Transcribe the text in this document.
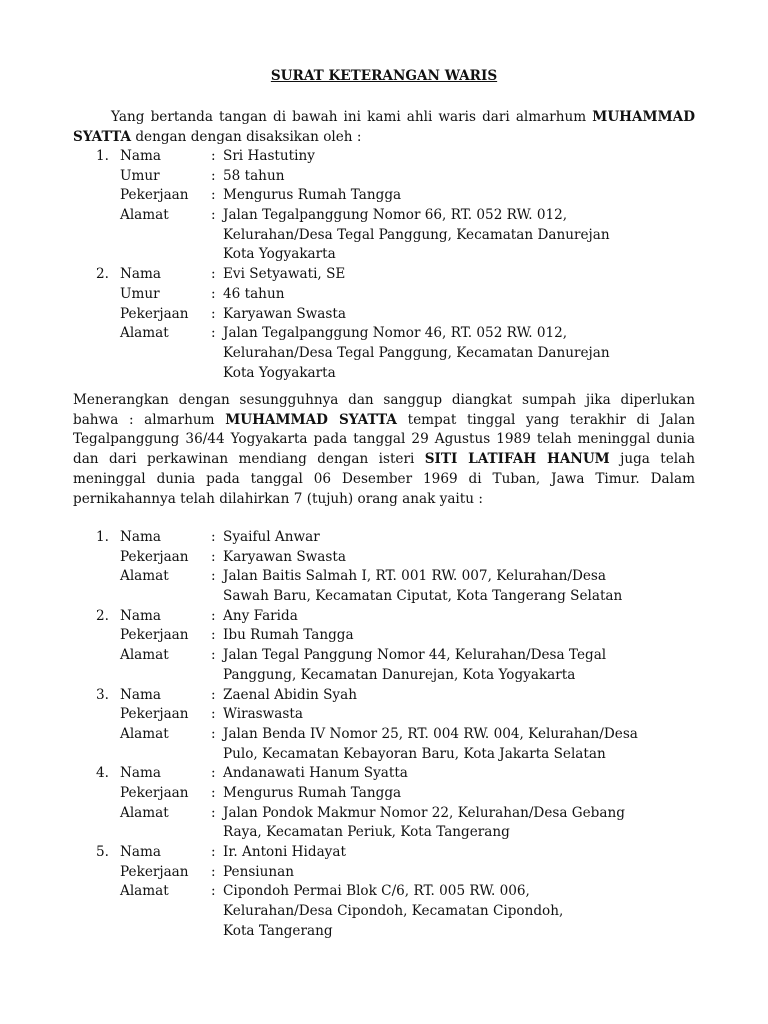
SURAT KETERANGAN WARIS

Yang bertanda tangan di bawah ini kami ahli waris dari almarhum MUHAMMAD SYATTA dengan dengan disaksikan oleh :

1. Nama	: Sri Hastutiny
Umur	: 58 tahun
Pekerjaan : Mengurus Rumah Tangga
Alamat	: Jalan Tegalpanggung Nomor 66, RT. 052 RW. 012,
Kelurahan/Desa Tegal Panggung, Kecamatan Danurejan
Kota Yogyakarta
2. Nama	: Evi Setyawati, SE
Umur	: 46 tahun
Pekerjaan : Karyawan Swasta
Alamat	: Jalan Tegalpanggung Nomor 46, RT. 052 RW. 012,
Kelurahan/Desa Tegal Panggung, Kecamatan Danurejan
Kota Yogyakarta

Menerangkan dengan sesungguhnya dan sanggup diangkat sumpah jika diperlukan bahwa : almarhum MUHAMMAD SYATTA tempat tinggal yang terakhir di Jalan Tegalpanggung 36/44 Yogyakarta pada tanggal 29 Agustus 1989 telah meninggal dunia dan dari perkawinan mendiang dengan isteri SITI LATIFAH HANUM juga telah meninggal dunia pada tanggal 06 Desember 1969 di Tuban, Jawa Timur. Dalam pernikahannya telah dilahirkan 7 (tujuh) orang anak yaitu :

1. Nama	: Syaiful Anwar
Pekerjaan : Karyawan Swasta
Alamat	: Jalan Baitis Salmah I, RT. 001 RW. 007, Kelurahan/Desa
Sawah Baru, Kecamatan Ciputat, Kota Tangerang Selatan
2. Nama	: Any Farida
Pekerjaan : Ibu Rumah Tangga
Alamat	: Jalan Tegal Panggung Nomor 44, Kelurahan/Desa Tegal
Panggung, Kecamatan Danurejan, Kota Yogyakarta
3. Nama	: Zaenal Abidin Syah
Pekerjaan : Wiraswasta
Alamat	: Jalan Benda IV Nomor 25, RT. 004 RW. 004, Kelurahan/Desa
Pulo, Kecamatan Kebayoran Baru, Kota Jakarta Selatan
4. Nama	: Andanawati Hanum Syatta
Pekerjaan : Mengurus Rumah Tangga
Alamat	: Jalan Pondok Makmur Nomor 22, Kelurahan/Desa Gebang
Raya, Kecamatan Periuk, Kota Tangerang
5. Nama	: Ir. Antoni Hidayat
Pekerjaan : Pensiunan
Alamat	: Cipondoh Permai Blok C/6, RT. 005 RW. 006,
Kelurahan/Desa Cipondoh, Kecamatan Cipondoh,
Kota Tangerang
